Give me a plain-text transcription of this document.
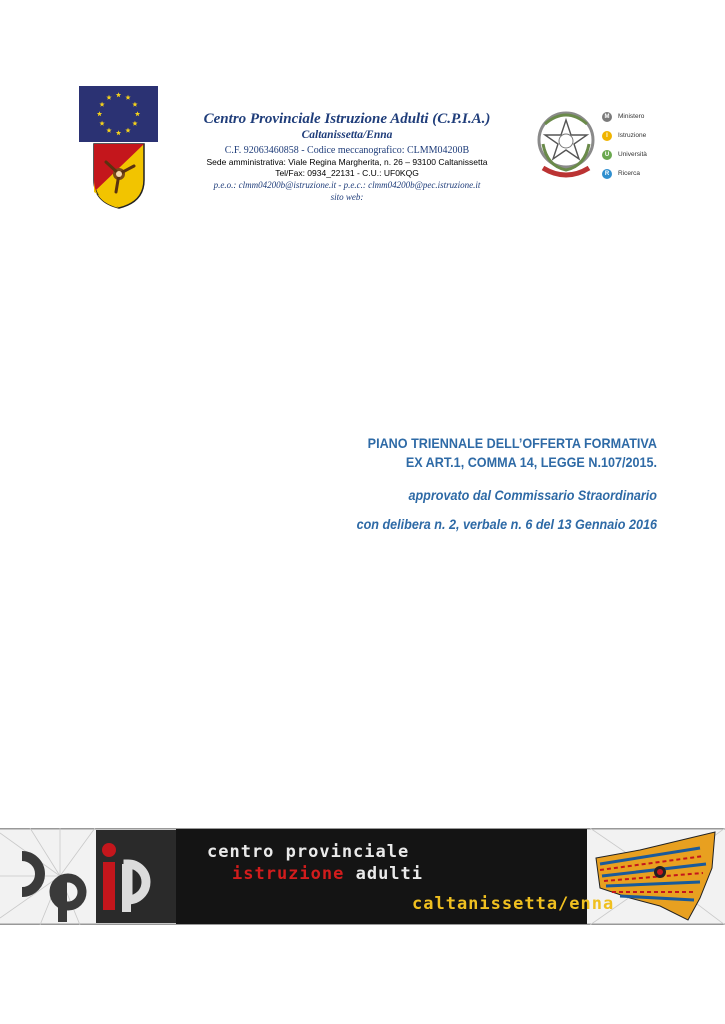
Centro Provinciale Istruzione Adulti (C.P.I.A.)

Caltanissetta/Enna

C.F. 92063460858 - Codice meccanografico: CLMM04200B

Sede amministrativa: Viale Regina Margherita, n. 26 – 93100 Caltanissetta

Tel/Fax: 0934_22131 - C.U.: UF0KQG

p.e.o.: clmm04200b@istruzione.it - p.e.c.: clmm04200b@pec.istruzione.it

sito web:

M	Ministero
I	Istruzione
U	Università
R	Ricerca

PIANO TRIENNALE DELL’OFFERTA FORMATIVA

EX ART.1, COMMA 14, LEGGE N.107/2015.

approvato dal Commissario Straordinario

con delibera n. 2, verbale n. 6 del 13 Gennaio 2016

centro provinciale
istruzione adulti
caltanissetta/enna
